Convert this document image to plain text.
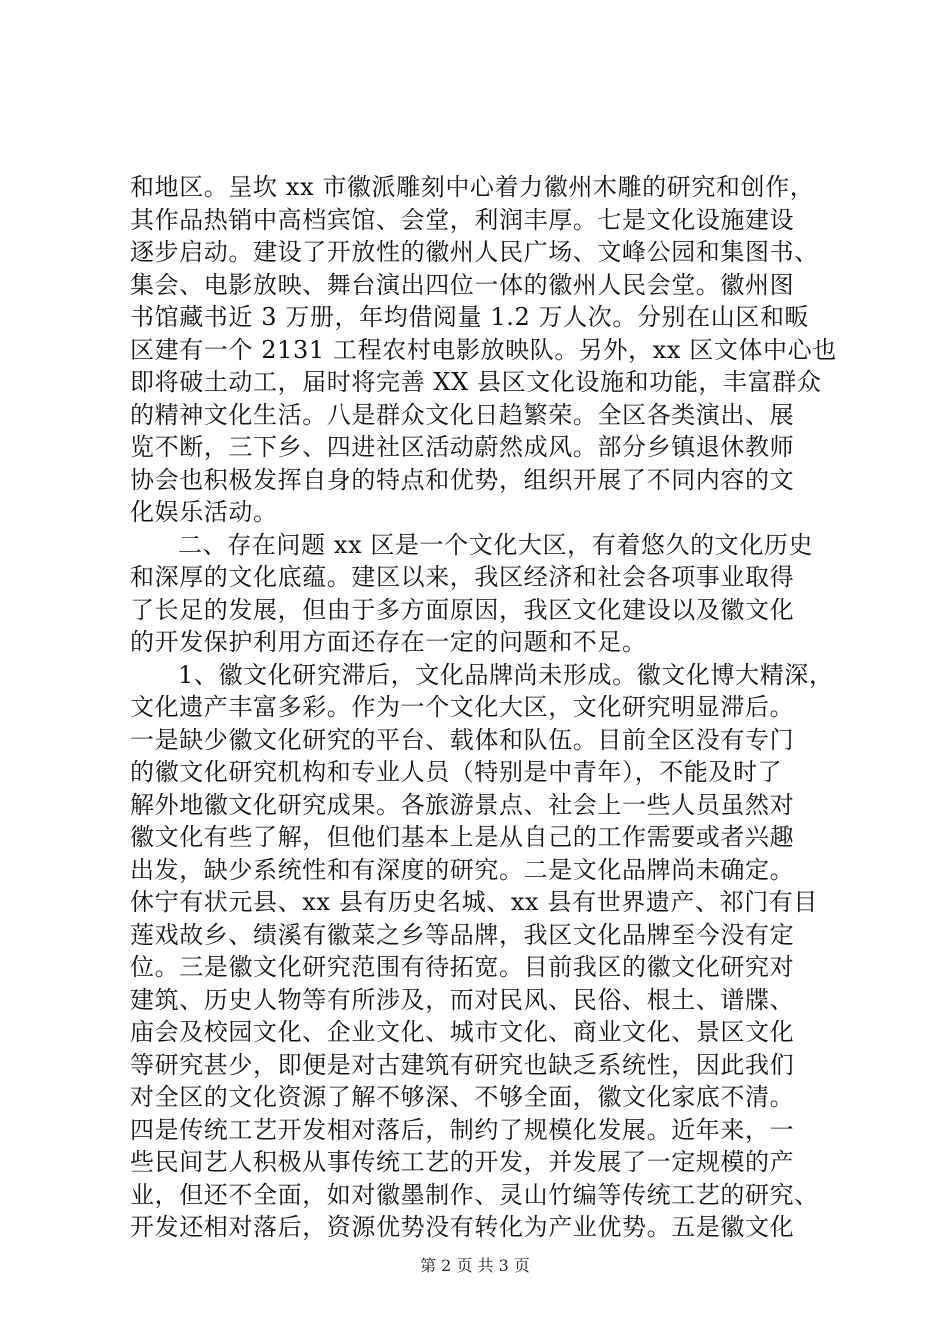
和地区。呈坎 xx 市徽派雕刻中心着力徽州木雕的研究和创作，
其作品热销中高档宾馆、会堂，利润丰厚。七是文化设施建设
逐步启动。建设了开放性的徽州人民广场、文峰公园和集图书、
集会、电影放映、舞台演出四位一体的徽州人民会堂。徽州图
书馆藏书近 3 万册，年均借阅量 1.2 万人次。分别在山区和畈
区建有一个 2131 工程农村电影放映队。另外，xx 区文体中心也
即将破土动工，届时将完善 XX 县区文化设施和功能，丰富群众
的精神文化生活。八是群众文化日趋繁荣。全区各类演出、展
览不断，三下乡、四进社区活动蔚然成风。部分乡镇退休教师
协会也积极发挥自身的特点和优势，组织开展了不同内容的文
化娱乐活动。
二、存在问题 xx 区是一个文化大区，有着悠久的文化历史
和深厚的文化底蕴。建区以来，我区经济和社会各项事业取得
了长足的发展，但由于多方面原因，我区文化建设以及徽文化
的开发保护利用方面还存在一定的问题和不足。
1、徽文化研究滞后，文化品牌尚未形成。徽文化博大精深，
文化遗产丰富多彩。作为一个文化大区，文化研究明显滞后。
一是缺少徽文化研究的平台、载体和队伍。目前全区没有专门
的徽文化研究机构和专业人员（特别是中青年），不能及时了
解外地徽文化研究成果。各旅游景点、社会上一些人员虽然对
徽文化有些了解，但他们基本上是从自己的工作需要或者兴趣
出发，缺少系统性和有深度的研究。二是文化品牌尚未确定。
休宁有状元县、xx 县有历史名城、xx 县有世界遗产、祁门有目
莲戏故乡、绩溪有徽菜之乡等品牌，我区文化品牌至今没有定
位。三是徽文化研究范围有待拓宽。目前我区的徽文化研究对
建筑、历史人物等有所涉及，而对民风、民俗、根土、谱牒、
庙会及校园文化、企业文化、城市文化、商业文化、景区文化
等研究甚少，即便是对古建筑有研究也缺乏系统性，因此我们
对全区的文化资源了解不够深、不够全面，徽文化家底不清。
四是传统工艺开发相对落后，制约了规模化发展。近年来，一
些民间艺人积极从事传统工艺的开发，并发展了一定规模的产
业，但还不全面，如对徽墨制作、灵山竹编等传统工艺的研究、
开发还相对落后，资源优势没有转化为产业优势。五是徽文化
第 2 页 共 3 页
